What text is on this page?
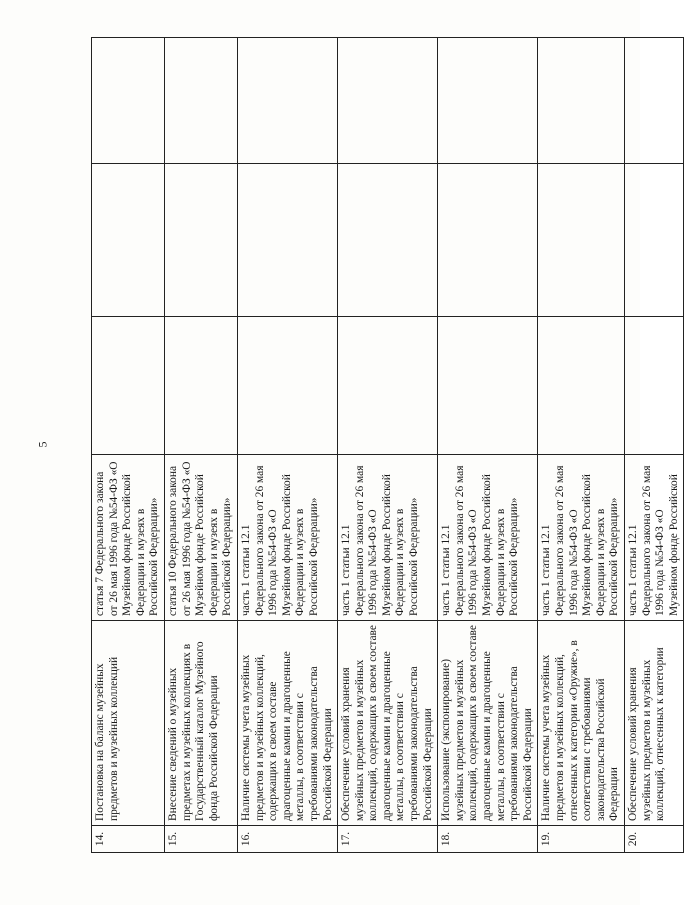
5
14.	Постановка на баланс музейных предметов и музейных коллекций	статья 7 Федерального закона от 26 мая 1996 года №54-ФЗ «О Музейном фонде Российской Федерации и музеях в Российской Федерации»			
15.	Внесение сведений о музейных предметах и музейных коллекциях в Государственный каталог Музейного фонда Российской Федерации	статья 10 Федерального закона от 26 мая 1996 года №54-ФЗ «О Музейном фонде Российской Федерации и музеях в Российской Федерации»			
16.	Наличие системы учета музейных предметов и музейных коллекций, содержащих в своем составе драгоценные камни и драгоценные металлы, в соответствии с требованиями законодательства Российской Федерации	часть 1 статьи 12.1 Федерального закона от 26 мая 1996 года №54-ФЗ «О Музейном фонде Российской Федерации и музеях в Российской Федерации»			
17.	Обеспечение условий хранения музейных предметов и музейных коллекций, содержащих в своем составе драгоценные камни и драгоценные металлы, в соответствии с требованиями законодательства Российской Федерации	часть 1 статьи 12.1 Федерального закона от 26 мая 1996 года №54-ФЗ «О Музейном фонде Российской Федерации и музеях в Российской Федерации»			
18.	Использование (экспонирование) музейных предметов и музейных коллекций, содержащих в своем составе драгоценные камни и драгоценные металлы, в соответствии с требованиями законодательства Российской Федерации	часть 1 статьи 12.1 Федерального закона от 26 мая 1996 года №54-ФЗ «О Музейном фонде Российской Федерации и музеях в Российской Федерации»			
19.	Наличие системы учета музейных предметов и музейных коллекций, отнесенных к категории «Оружие», в соответствии с требованиями законодательства Российской Федерации	часть 1 статьи 12.1 Федерального закона от 26 мая 1996 года №54-ФЗ «О Музейном фонде Российской Федерации и музеях в Российской Федерации»			
20.	Обеспечение условий хранения музейных предметов и музейных коллекций, отнесенных к категории	часть 1 статьи 12.1 Федерального закона от 26 мая 1996 года №54-ФЗ «О Музейном фонде Российской			
